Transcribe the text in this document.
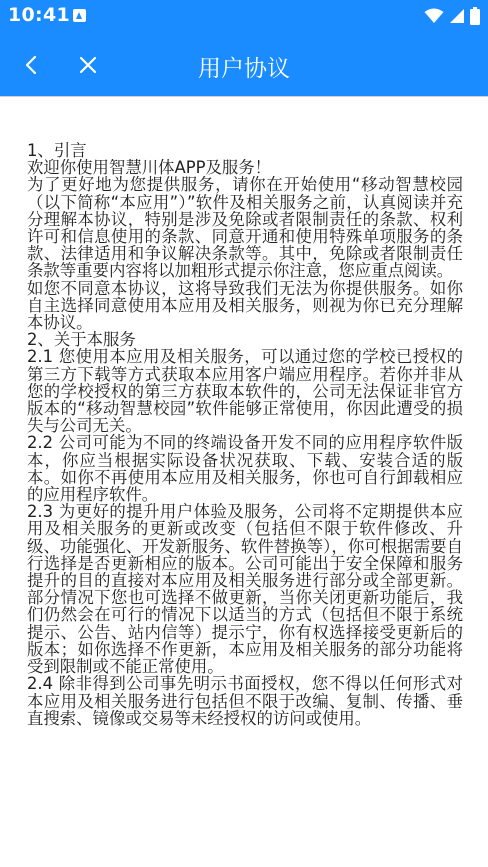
10:41
用户协议

1、引言

欢迎你使用智慧川体APP及服务！

为了更好地为您提供服务，请你在开始使用“移动智慧校园（以下简称“本应用”）”软件及相关服务之前，认真阅读并充分理解本协议，特别是涉及免除或者限制责任的条款、权利许可和信息使用的条款、同意开通和使用特殊单项服务的条款、法律适用和争议解决条款等。其中，免除或者限制责任条款等重要内容将以加粗形式提示你注意，您应重点阅读。

如您不同意本协议，这将导致我们无法为你提供服务。如你自主选择同意使用本应用及相关服务，则视为你已充分理解本协议。

2、关于本服务

2.1 您使用本应用及相关服务，可以通过您的学校已授权的第三方下载等方式获取本应用客户端应用程序。若你并非从您的学校授权的第三方获取本软件的，公司无法保证非官方版本的“移动智慧校园”软件能够正常使用，你因此遭受的损失与公司无关。

2.2 公司可能为不同的终端设备开发不同的应用程序软件版本，你应当根据实际设备状况获取、下载、安装合适的版本。如你不再使用本应用及相关服务，你也可自行卸载相应的应用程序软件。

2.3 为更好的提升用户体验及服务，公司将不定期提供本应用及相关服务的更新或改变（包括但不限于软件修改、升级、功能强化、开发新服务、软件替换等），你可根据需要自行选择是否更新相应的版本。公司可能出于安全保障和服务提升的目的直接对本应用及相关服务进行部分或全部更新。部分情况下您也可选择不做更新，当你关闭更新功能后，我们仍然会在可行的情况下以适当的方式（包括但不限于系统提示、公告、站内信等）提示宁，你有权选择接受更新后的版本；如你选择不作更新，本应用及相关服务的部分功能将受到限制或不能正常使用。

2.4 除非得到公司事先明示书面授权，您不得以任何形式对本应用及相关服务进行包括但不限于改编、复制、传播、垂直搜索、镜像或交易等未经授权的访问或使用。
